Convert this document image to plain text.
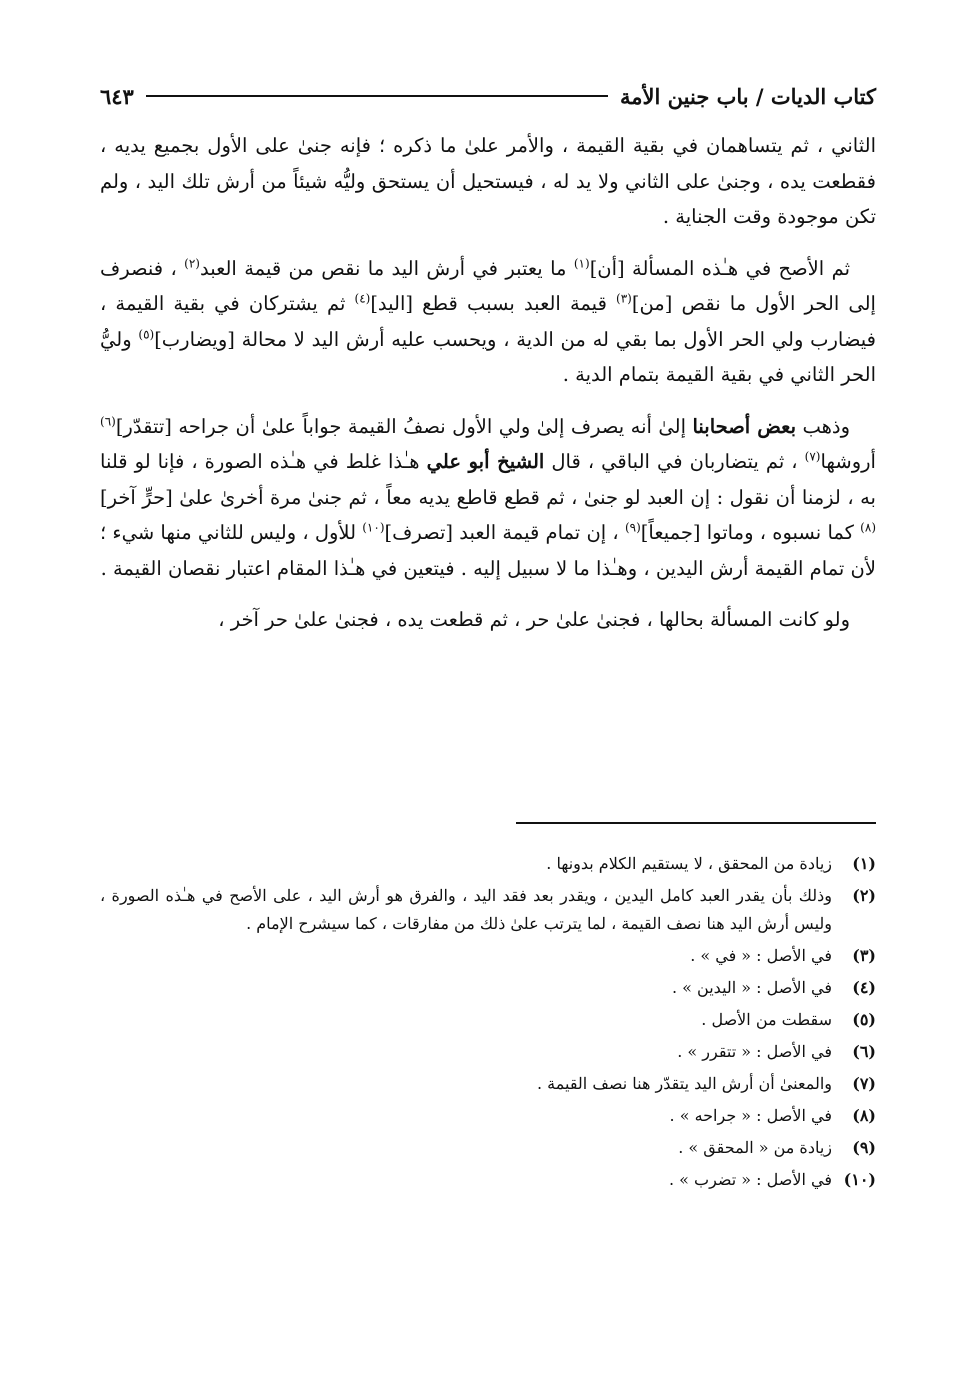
كتاب الديات / باب جنين الأمة
٦٤٣

الثاني ، ثم يتساهمان في بقية القيمة ، والأمر علىٰ ما ذكره ؛ فإنه جنىٰ على الأول بجميع يديه ، فقطعت يده ، وجنىٰ على الثاني ولا يد له ، فيستحيل أن يستحق وليُّه شيئاً من أرش تلك اليد ، ولم تكن موجودة وقت الجناية .

ثم الأصح في هـٰذه المسألة [أن]$^{(١)}$ ما يعتبر في أرش اليد ما نقص من قيمة العبد$^{(٢)}$ ، فنصرف إلى الحر الأول ما نقص [من]$^{(٣)}$ قيمة العبد بسبب قطع [اليد]$^{(٤)}$ ثم يشتركان في بقية القيمة ، فيضارب ولي الحر الأول بما بقي له من الدية ، ويحسب عليه أرش اليد لا محالة [ويضارب]$^{(٥)}$ وليُّ الحر الثاني في بقية القيمة بتمام الدية .

وذهب بعض أصحابنا إلىٰ أنه يصرف إلىٰ ولي الأول نصفُ القيمة جواباً علىٰ أن جراحه [تتقدّر]$^{(٦)}$ أروشها$^{(٧)}$ ، ثم يتضاربان في الباقي ، قال الشيخ أبو علي هـٰذا غلط في هـٰذه الصورة ، فإنا لو قلنا به ، لزمنا أن نقول : إن العبد لو جنىٰ ، ثم قطع قاطع يديه معاً ، ثم جنىٰ مرة أخرىٰ علىٰ [حرٍّ آخر]$^{(٨)}$ كما نسبوه ، وماتوا [جميعاً]$^{(٩)}$ ، إن تمام قيمة العبد [تصرف]$^{(١٠)}$ للأول ، وليس للثاني منها شيء ؛ لأن تمام القيمة أرش اليدين ، وهـٰذا ما لا سبيل إليه . فيتعين في هـٰذا المقام اعتبار نقصان القيمة .

ولو كانت المسألة بحالها ، فجنىٰ علىٰ حر ، ثم قطعت يده ، فجنىٰ علىٰ حر آخر ،

(١)
زيادة من المحقق ، لا يستقيم الكلام بدونها .
(٢)
وذلك بأن يقدر العبد كامل اليدين ، ويقدر بعد فقد اليد ، والفرق هو أرش اليد ، على الأصح في هـٰذه الصورة ، وليس أرش اليد هنا نصف القيمة ، لما يترتب علىٰ ذلك من مفارقات ، كما سيشرح الإمام .
(٣)
في الأصل : « في » .
(٤)
في الأصل : « اليدين » .
(٥)
سقطت من الأصل .
(٦)
في الأصل : « تتقرر » .
(٧)
والمعنىٰ أن أرش اليد يتقدّر هنا نصف القيمة .
(٨)
في الأصل : « جراحه » .
(٩)
زيادة من « المحقق » .
(١٠)
في الأصل : « تضرب » .
